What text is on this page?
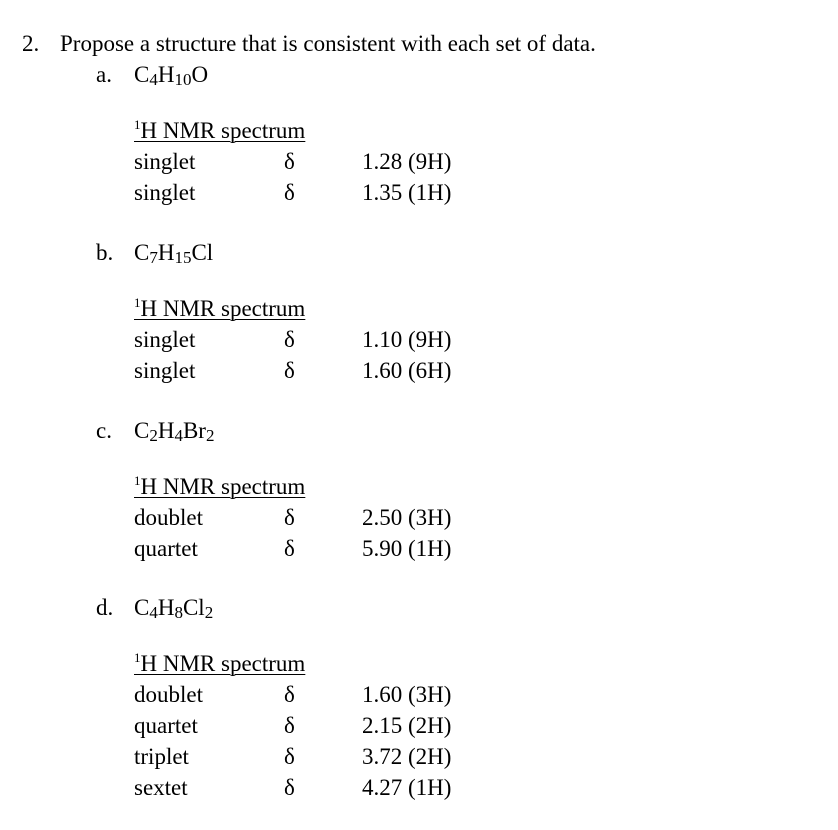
2. Propose a structure that is consistent with each set of data.
a. $C_4H_{10}O$
$^1$H NMR spectrum
singlet	δ	1.28 (9H)
singlet	δ	1.35 (1H)
b. $C_7H_{15}Cl$
$^1$H NMR spectrum
singlet	δ	1.10 (9H)
singlet	δ	1.60 (6H)
c. $C_2H_4Br_2$
$^1$H NMR spectrum
doublet	δ	2.50 (3H)
quartet	δ	5.90 (1H)
d. $C_4H_8Cl_2$
$^1$H NMR spectrum
doublet	δ	1.60 (3H)
quartet	δ	2.15 (2H)
triplet	δ	3.72 (2H)
sextet	δ	4.27 (1H)
